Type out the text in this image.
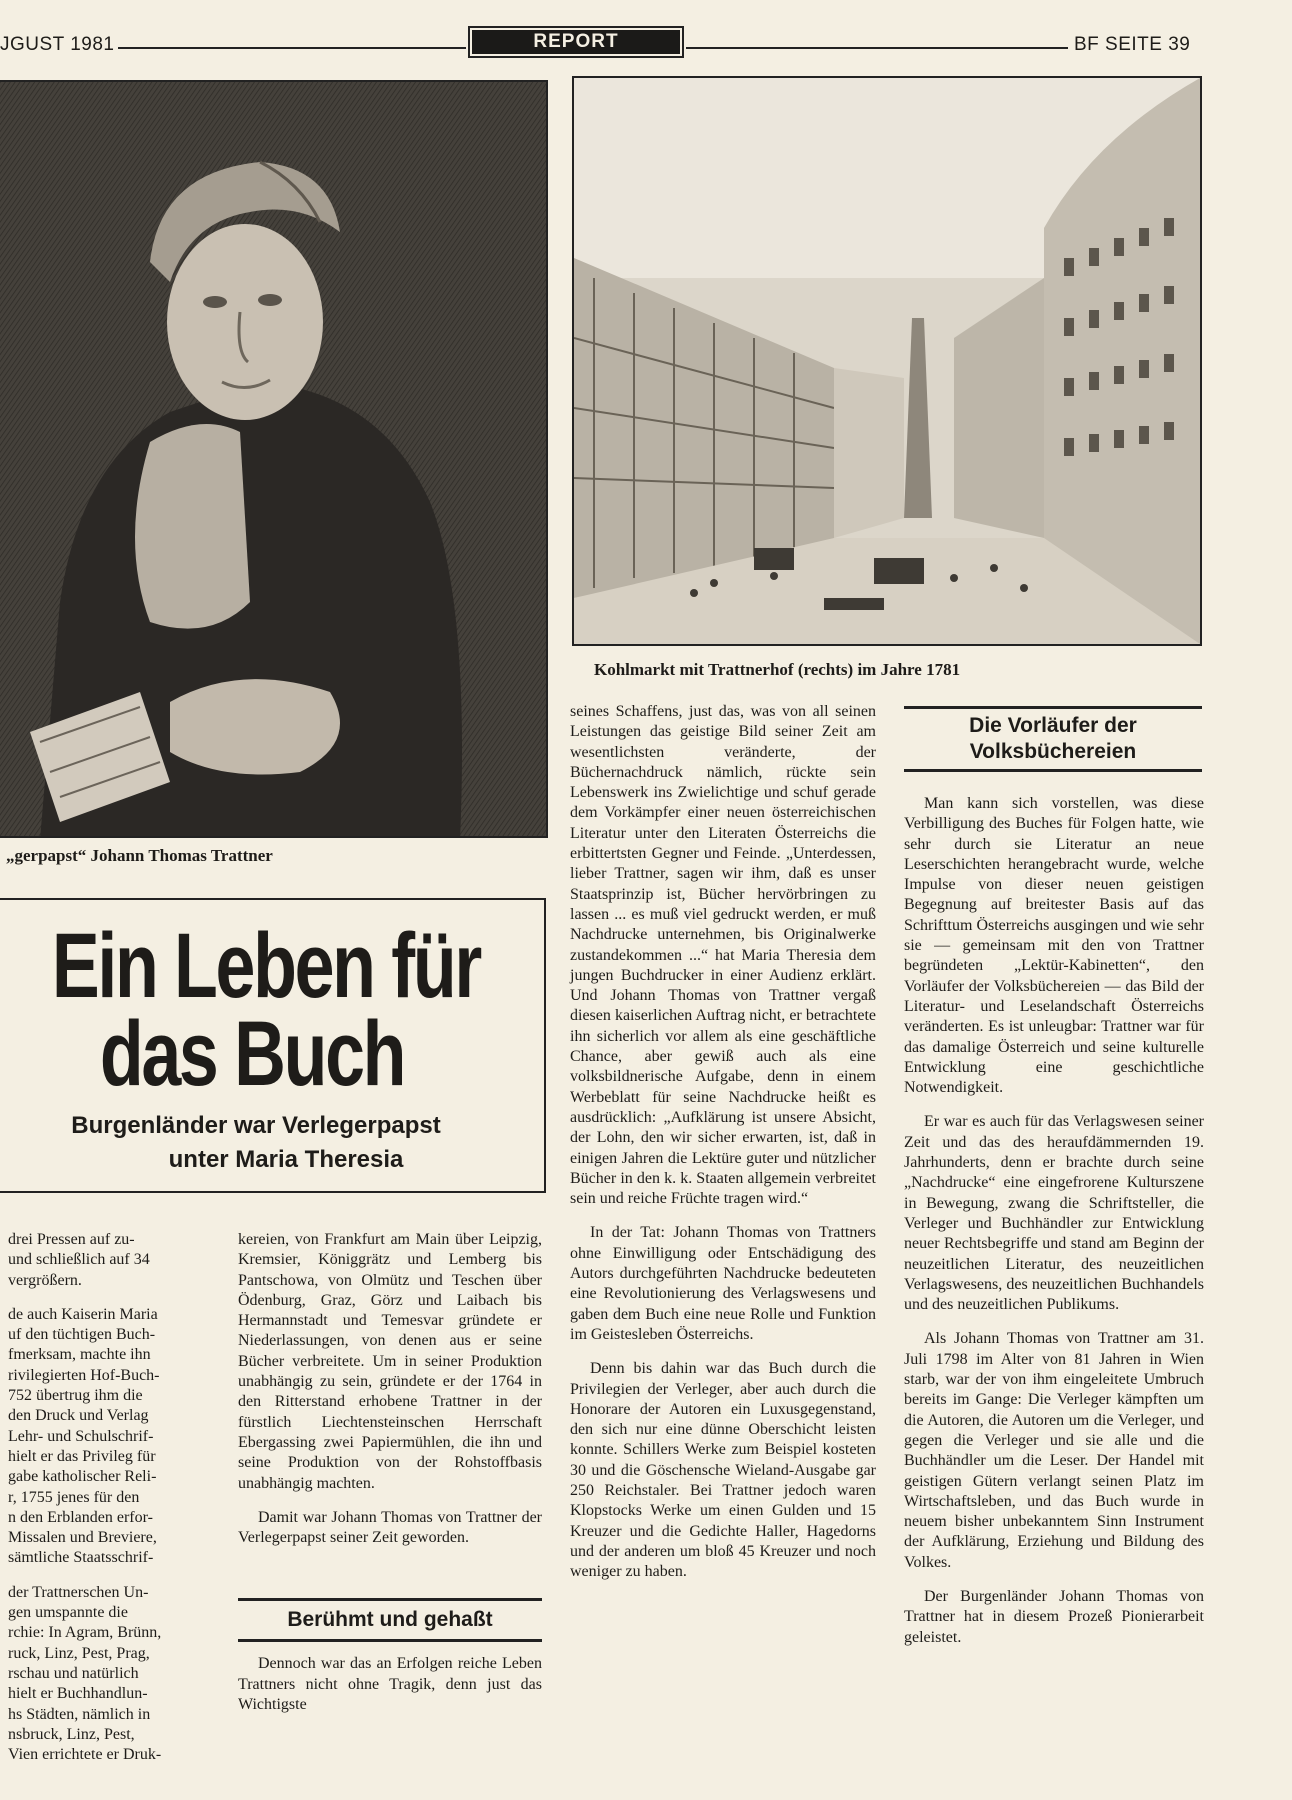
JGUST 1981	REPORT	BF SEITE 39
„gerpapst“ Johann Thomas Trattner
Kohlmarkt mit Trattnerhof (rechts) im Jahre 1781
Ein Leben für
das Buch
Burgenländer war Verlegerpapst
unter Maria Theresia
drei Pressen auf zu-
und schließlich auf 34
vergrößern.
de auch Kaiserin Maria
uf den tüchtigen Buch-
fmerksam, machte ihn
rivilegierten Hof-Buch-
752 übertrug ihm die
den Druck und Verlag
Lehr- und Schulschrif-
hielt er das Privileg für
gabe katholischer Reli-
r, 1755 jenes für den
n den Erblanden erfor-
Missalen und Breviere,
sämtliche Staatsschrif-
der Trattnerschen Un-
gen umspannte die
rchie: In Agram, Brünn,
ruck, Linz, Pest, Prag,
rschau und natürlich
hielt er Buchhandlun-
hs Städten, nämlich in
nsbruck, Linz, Pest,
Vien errichtete er Druk-

kereien, von Frankfurt am Main über Leipzig, Kremsier, Königgrätz und Lemberg bis Pantschowa, von Olmütz und Teschen über Ödenburg, Graz, Görz und Laibach bis Hermannstadt und Temesvar gründete er Niederlassungen, von denen aus er seine Bücher verbreitete. Um in seiner Produktion unabhängig zu sein, gründete er der 1764 in den Ritterstand erhobene Trattner in der fürstlich Liechtensteinschen Herrschaft Ebergassing zwei Papiermühlen, die ihn und seine Produktion von der Rohstoffbasis unabhängig machten.

Damit war Johann Thomas von Trattner der Verlegerpapst seiner Zeit geworden.

Berühmt und gehaßt

Dennoch war das an Erfolgen reiche Leben Trattners nicht ohne Tragik, denn just das Wichtigste

seines Schaffens, just das, was von all seinen Leistungen das geistige Bild seiner Zeit am wesentlichsten veränderte, der Büchernachdruck nämlich, rückte sein Lebenswerk ins Zwielichtige und schuf gerade dem Vorkämpfer einer neuen österreichischen Literatur unter den Literaten Österreichs die erbittertsten Gegner und Feinde. „Unterdessen, lieber Trattner, sagen wir ihm, daß es unser Staatsprinzip ist, Bücher hervörbringen zu lassen ... es muß viel gedruckt werden, er muß Nachdrucke unternehmen, bis Originalwerke zustandekommen ...“ hat Maria Theresia dem jungen Buchdrucker in einer Audienz erklärt. Und Johann Thomas von Trattner vergaß diesen kaiserlichen Auftrag nicht, er betrachtete ihn sicherlich vor allem als eine geschäftliche Chance, aber gewiß auch als eine volksbildnerische Aufgabe, denn in einem Werbeblatt für seine Nachdrucke heißt es ausdrücklich: „Aufklärung ist unsere Absicht, der Lohn, den wir sicher erwarten, ist, daß in einigen Jahren die Lektüre guter und nützlicher Bücher in den k. k. Staaten allgemein verbreitet sein und reiche Früchte tragen wird.“

In der Tat: Johann Thomas von Trattners ohne Einwilligung oder Entschädigung des Autors durchgeführten Nachdrucke bedeuteten eine Revolutionierung des Verlagswesens und gaben dem Buch eine neue Rolle und Funktion im Geistesleben Österreichs.

Denn bis dahin war das Buch durch die Privilegien der Verleger, aber auch durch die Honorare der Autoren ein Luxusgegenstand, den sich nur eine dünne Oberschicht leisten konnte. Schillers Werke zum Beispiel kosteten 30 und die Göschensche Wieland-Ausgabe gar 250 Reichstaler. Bei Trattner jedoch waren Klopstocks Werke um einen Gulden und 15 Kreuzer und die Gedichte Haller, Hagedorns und der anderen um bloß 45 Kreuzer und noch weniger zu haben.

Die Vorläufer der
Volksbüchereien

Man kann sich vorstellen, was diese Verbilligung des Buches für Folgen hatte, wie sehr durch sie Literatur an neue Leserschichten herangebracht wurde, welche Impulse von dieser neuen geistigen Begegnung auf breitester Basis auf das Schrifttum Österreichs ausgingen und wie sehr sie — gemeinsam mit den von Trattner begründeten „Lektür-Kabinetten“, den Vorläufer der Volksbüchereien — das Bild der Literatur- und Leselandschaft Österreichs veränderten. Es ist unleugbar: Trattner war für das damalige Österreich und seine kulturelle Entwicklung eine geschichtliche Notwendigkeit.

Er war es auch für das Verlagswesen seiner Zeit und das des heraufdämmernden 19. Jahrhunderts, denn er brachte durch seine „Nachdrucke“ eine eingefrorene Kulturszene in Bewegung, zwang die Schriftsteller, die Verleger und Buchhändler zur Entwicklung neuer Rechtsbegriffe und stand am Beginn der neuzeitlichen Literatur, des neuzeitlichen Verlagswesens, des neuzeitlichen Buchhandels und des neuzeitlichen Publikums.

Als Johann Thomas von Trattner am 31. Juli 1798 im Alter von 81 Jahren in Wien starb, war der von ihm eingeleitete Umbruch bereits im Gange: Die Verleger kämpften um die Autoren, die Autoren um die Verleger, und gegen die Verleger und sie alle und die Buchhändler um die Leser. Der Handel mit geistigen Gütern verlangt seinen Platz im Wirtschaftsleben, und das Buch wurde in neuem bisher unbekanntem Sinn Instrument der Aufklärung, Erziehung und Bildung des Volkes.

Der Burgenländer Johann Thomas von Trattner hat in diesem Prozeß Pionierarbeit geleistet.
